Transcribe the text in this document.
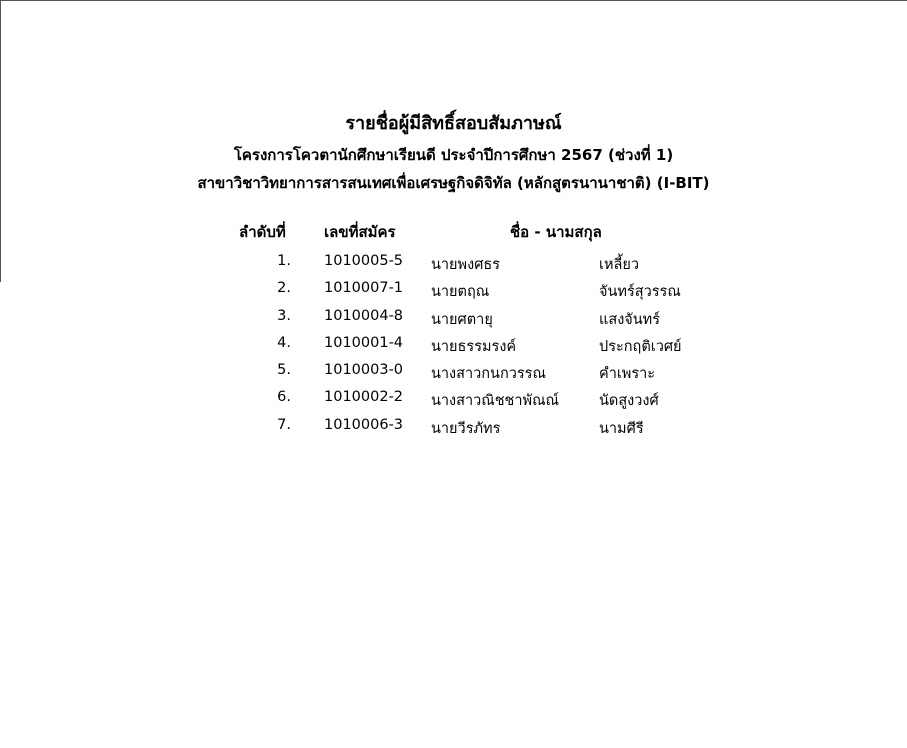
รายชื่อผู้มีสิทธิ์สอบสัมภาษณ์
โครงการโควตานักศึกษาเรียนดี ประจำปีการศึกษา 2567 (ช่วงที่ 1)
สาขาวิชาวิทยาการสารสนเทศเพื่อเศรษฐกิจดิจิทัล (หลักสูตรนานาชาติ) (I-BIT)
ลำดับที่	เลขที่สมัคร	ชื่อ - นามสกุล
1. 1010005-5 นายพงศธร	เหลี้ยว
2. 1010007-1 นายตฤณ	จันทร์สุวรรณ
3. 1010004-8 นายศตายุ	แสงจันทร์
4. 1010001-4 นายธรรมรงค์	ประกฤติเวศย์
5. 1010003-0 นางสาวกนกวรรณ	คำเพราะ
6. 1010002-2 นางสาวณิชชาพัณณ์	นัดสูงวงศ์
7. 1010006-3 นายวีรภัทร	นามศีรี
